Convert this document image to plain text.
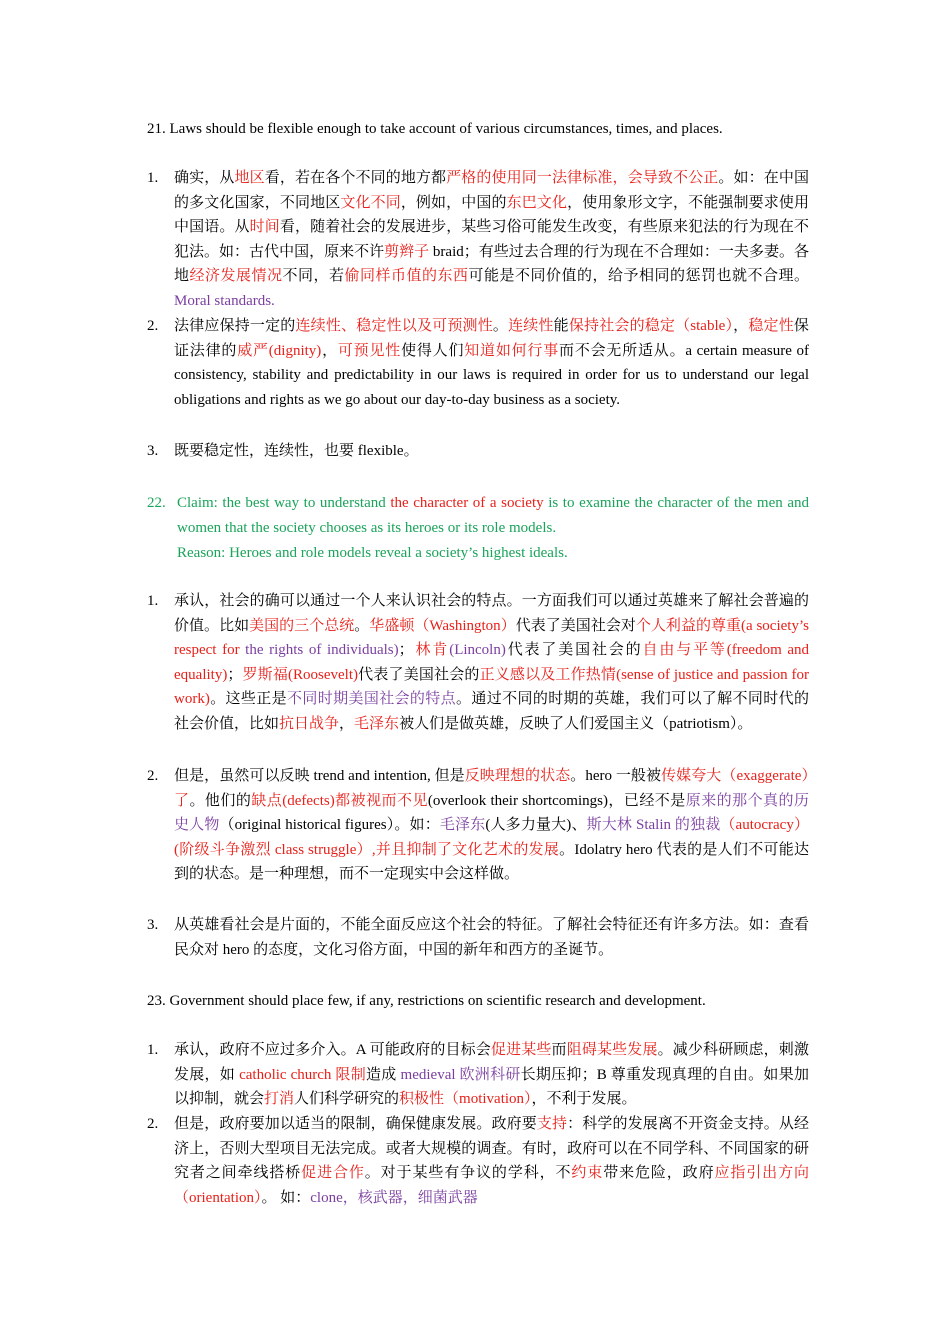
21. Laws should be flexible enough to take account of various circumstances, times, and places.
1.	确实，从地区看，若在各个不同的地方都严格的使用同一法律标准，会导致不公正。如：在中国的多文化国家，不同地区文化不同，例如，中国的东巴文化，使用象形文字，不能强制要求使用中国语。从时间看，随着社会的发展进步，某些习俗可能发生改变，有些原来犯法的行为现在不犯法。如：古代中国，原来不许剪辫子 braid；有些过去合理的行为现在不合理如：一夫多妻。各地经济发展情况不同，若偷同样币值的东西可能是不同价值的，给予相同的惩罚也就不合理。Moral standards.
2.	法律应保持一定的连续性、稳定性以及可预测性。连续性能保持社会的稳定（stable），稳定性保证法律的威严(dignity)，可预见性使得人们知道如何行事而不会无所适从。a certain measure of consistency, stability and predictability in our laws is required in order for us to understand our legal obligations and rights as we go about our day-to-day business as a society.
3.	既要稳定性，连续性，也要 flexible。
22. Claim: the best way to understand the character of a society is to examine the character of the men and women that the society chooses as its heroes or its role models.
Reason: Heroes and role models reveal a society’s highest ideals.
1.	承认，社会的确可以通过一个人来认识社会的特点。一方面我们可以通过英雄来了解社会普遍的价值。比如美国的三个总统。华盛顿（Washington）代表了美国社会对个人利益的尊重(a society’s respect for the rights of individuals)；林肯(Lincoln)代表了美国社会的自由与平等(freedom and equality)；罗斯福(Roosevelt)代表了美国社会的正义感以及工作热情(sense of justice and passion for work)。这些正是不同时期美国社会的特点。通过不同的时期的英雄，我们可以了解不同时代的社会价值，比如抗日战争，毛泽东被人们是做英雄，反映了人们爱国主义（patriotism）。
2.	但是，虽然可以反映 trend and intention, 但是反映理想的状态。hero 一般被传媒夸大（exaggerate）了。他们的缺点(defects)都被视而不见(overlook their shortcomings)，已经不是原来的那个真的历史人物（original historical figures）。如：毛泽东(人多力量大)、斯大林 Stalin 的独裁（autocracy）(阶级斗争激烈 class struggle）,并且抑制了文化艺术的发展。Idolatry hero 代表的是人们不可能达到的状态。是一种理想，而不一定现实中会这样做。
3.	从英雄看社会是片面的，不能全面反应这个社会的特征。了解社会特征还有许多方法。如：查看民众对 hero 的态度，文化习俗方面，中国的新年和西方的圣诞节。
23. Government should place few, if any, restrictions on scientific research and development.
1.	承认，政府不应过多介入。A 可能政府的目标会促进某些而阻碍某些发展。减少科研顾虑，刺激发展，如 catholic church 限制造成 medieval 欧洲科研长期压抑；B 尊重发现真理的自由。如果加以抑制，就会打消人们科学研究的积极性（motivation），不利于发展。
2.	但是，政府要加以适当的限制，确保健康发展。政府要支持：科学的发展离不开资金支持。从经济上，否则大型项目无法完成。或者大规模的调查。有时，政府可以在不同学科、不同国家的研究者之间牵线搭桥促进合作。对于某些有争议的学科，不约束带来危险，政府应指引出方向（orientation）。 如：clone，核武器，细菌武器
